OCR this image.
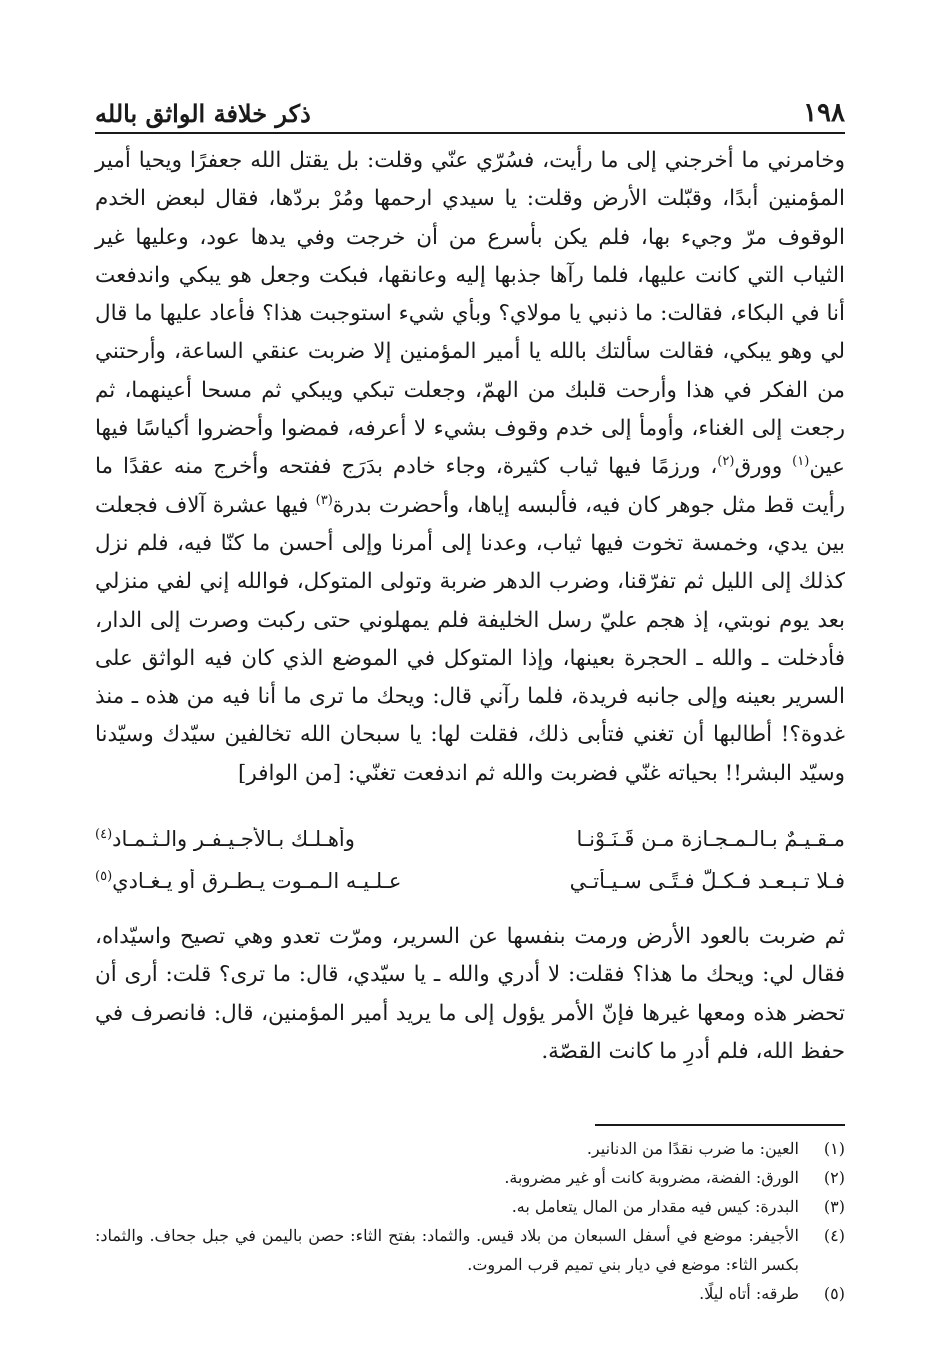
١٩٨
ذكر خلافة الواثق بالله

وخامرني ما أخرجني إلى ما رأيت، فسُرّي عنّي وقلت: بل يقتل الله جعفرًا ويحيا أمير المؤمنين أبدًا، وقبّلت الأرض وقلت: يا سيدي ارحمها ومُرْ بردّها، فقال لبعض الخدم الوقوف مرّ وجيء بها، فلم يكن بأسرع من أن خرجت وفي يدها عود، وعليها غير الثياب التي كانت عليها، فلما رآها جذبها إليه وعانقها، فبكت وجعل هو يبكي واندفعت أنا في البكاء، فقالت: ما ذنبي يا مولاي؟ وبأي شيء استوجبت هذا؟ فأعاد عليها ما قال لي وهو يبكي، فقالت سألتك بالله يا أمير المؤمنين إلا ضربت عنقي الساعة، وأرحتني من الفكر في هذا وأرحت قلبك من الهمّ، وجعلت تبكي ويبكي ثم مسحا أعينهما، ثم رجعت إلى الغناء، وأومأ إلى خدم وقوف بشيء لا أعرفه، فمضوا وأحضروا أكياسًا فيها عين$^{(١)}$ وورق$^{(٢)}$، ورزمًا فيها ثياب كثيرة، وجاء خادم بدَرَج ففتحه وأخرج منه عقدًا ما رأيت قط مثل جوهر كان فيه، فألبسه إياها، وأحضرت بدرة$^{(٣)}$ فيها عشرة آلاف فجعلت بين يدي، وخمسة تخوت فيها ثياب، وعدنا إلى أمرنا وإلى أحسن ما كنّا فيه، فلم نزل كذلك إلى الليل ثم تفرّقنا، وضرب الدهر ضربة وتولى المتوكل، فوالله إني لفي منزلي بعد يوم نوبتي، إذ هجم عليّ رسل الخليفة فلم يمهلوني حتى ركبت وصرت إلى الدار، فأدخلت ـ والله ـ الحجرة بعينها، وإذا المتوكل في الموضع الذي كان فيه الواثق على السرير بعينه وإلى جانبه فريدة، فلما رآني قال: ويحك ما ترى ما أنا فيه من هذه ـ منذ غدوة؟! أطالبها أن تغني فتأبى ذلك، فقلت لها: يا سبحان الله تخالفين سيّدك وسيّدنا وسيّد البشر!! بحياته غنّي فضربت والله ثم اندفعت تغنّي: [من الوافر]

مـقـيـمٌ بـالـمـجـازة مـن قَـنَـوْنـا
وأهـلـك بـالأجـيـفـر والـثـمـاد$^{(٤)}$
فـلا تـبـعـد فـكـلُّ فـتًـى سـيـأتـي
عـلـيـه الـمـوت يـطـرق أو يـغـادي$^{(٥)}$

ثم ضربت بالعود الأرض ورمت بنفسها عن السرير، ومرّت تعدو وهي تصيح واسيّداه، فقال لي: ويحك ما هذا؟ فقلت: لا أدري والله ـ يا سيّدي، قال: ما ترى؟ قلت: أرى أن تحضر هذه ومعها غيرها فإنّ الأمر يؤول إلى ما يريد أمير المؤمنين، قال: فانصرف في حفظ الله، فلم أدرِ ما كانت القصّة.

(١)
العين: ما ضرب نقدًا من الدنانير.
(٢)
الورق: الفضة، مضروبة كانت أو غير مضروبة.
(٣)
البدرة: كيس فيه مقدار من المال يتعامل به.
(٤)
الأجيفر: موضع في أسفل السبعان من بلاد قيس. والثماد: بفتح الثاء: حصن باليمن في جبل جحاف. والثماد: بكسر الثاء: موضع في ديار بني تميم قرب المروت.
(٥)
طرقه: أتاه ليلًا.
